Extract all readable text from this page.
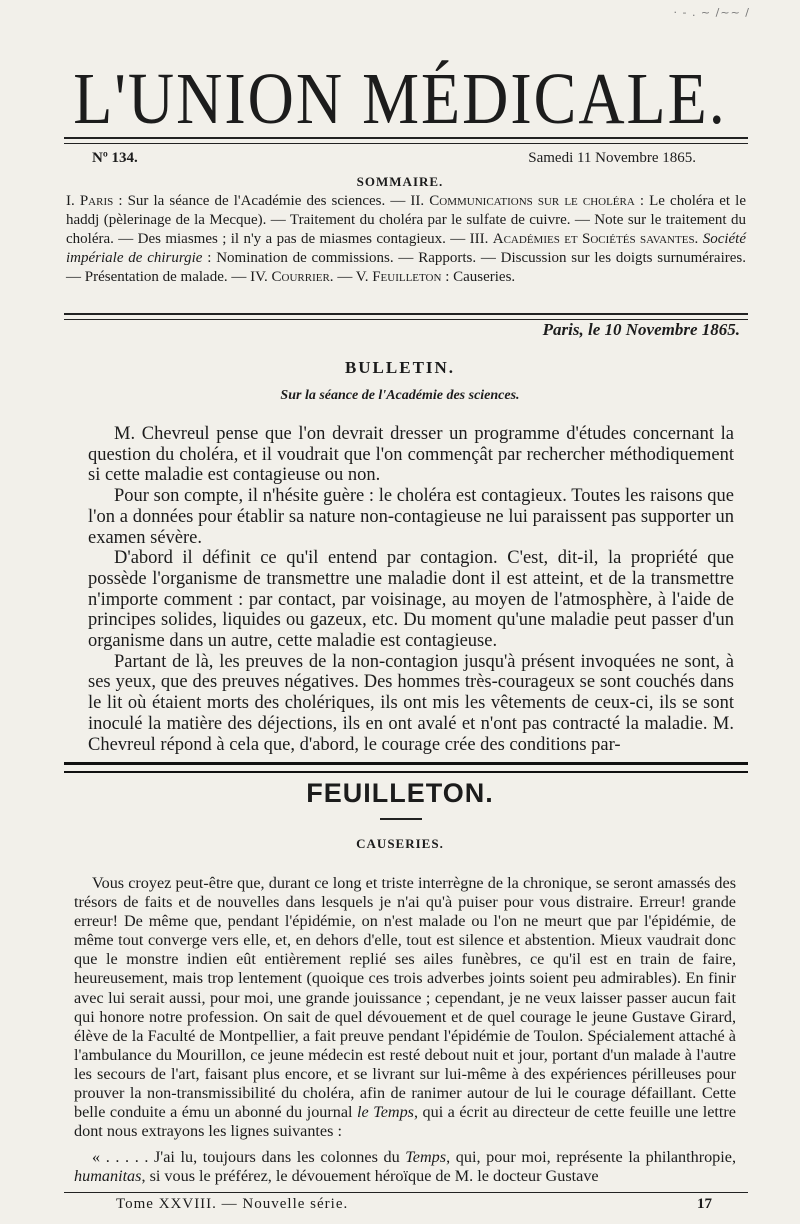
· - . ~ /~~ /
L'UNION MÉDICALE.
Nº 134.	Samedi 11 Novembre 1865.
SOMMAIRE.
I. Paris : Sur la séance de l'Académie des sciences. — II. Communications sur le choléra : Le choléra et le haddj (pèlerinage de la Mecque). — Traitement du choléra par le sulfate de cuivre. — Note sur le traitement du choléra. — Des miasmes ; il n'y a pas de miasmes contagieux. — III. Académies et Sociétés savantes. Société impériale de chirurgie : Nomination de commissions. — Rapports. — Discussion sur les doigts surnuméraires. — Présentation de malade. — IV. Courrier. — V. Feuilleton : Causeries.
Paris, le 10 Novembre 1865.
BULLETIN.
Sur la séance de l'Académie des sciences.

M. Chevreul pense que l'on devrait dresser un programme d'études concernant la question du choléra, et il voudrait que l'on commençât par rechercher méthodiquement si cette maladie est contagieuse ou non.

Pour son compte, il n'hésite guère : le choléra est contagieux. Toutes les raisons que l'on a données pour établir sa nature non-contagieuse ne lui paraissent pas supporter un examen sévère.

D'abord il définit ce qu'il entend par contagion. C'est, dit-il, la propriété que possède l'organisme de transmettre une maladie dont il est atteint, et de la transmettre n'importe comment : par contact, par voisinage, au moyen de l'atmosphère, à l'aide de principes solides, liquides ou gazeux, etc. Du moment qu'une maladie peut passer d'un organisme dans un autre, cette maladie est contagieuse.

Partant de là, les preuves de la non-contagion jusqu'à présent invoquées ne sont, à ses yeux, que des preuves négatives. Des hommes très-courageux se sont couchés dans le lit où étaient morts des cholériques, ils ont mis les vêtements de ceux-ci, ils se sont inoculé la matière des déjections, ils en ont avalé et n'ont pas contracté la maladie. M. Chevreul répond à cela que, d'abord, le courage crée des conditions par-

FEUILLETON.
CAUSERIES.

Vous croyez peut-être que, durant ce long et triste interrègne de la chronique, se seront amassés des trésors de faits et de nouvelles dans lesquels je n'ai qu'à puiser pour vous distraire. Erreur! grande erreur! De même que, pendant l'épidémie, on n'est malade ou l'on ne meurt que par l'épidémie, de même tout converge vers elle, et, en dehors d'elle, tout est silence et abstention. Mieux vaudrait donc que le monstre indien eût entièrement replié ses ailes funèbres, ce qu'il est en train de faire, heureusement, mais trop lentement (quoique ces trois adverbes joints soient peu admirables). En finir avec lui serait aussi, pour moi, une grande jouissance ; cependant, je ne veux laisser passer aucun fait qui honore notre profession. On sait de quel dévouement et de quel courage le jeune Gustave Girard, élève de la Faculté de Montpellier, a fait preuve pendant l'épidémie de Toulon. Spécialement attaché à l'ambulance du Mourillon, ce jeune médecin est resté debout nuit et jour, portant d'un malade à l'autre les secours de l'art, faisant plus encore, et se livrant sur lui-même à des expériences périlleuses pour prouver la non-transmissibilité du choléra, afin de ranimer autour de lui le courage défaillant. Cette belle conduite a ému un abonné du journal le Temps, qui a écrit au directeur de cette feuille une lettre dont nous extrayons les lignes suivantes :

« . . . . . J'ai lu, toujours dans les colonnes du Temps, qui, pour moi, représente la philanthropie, humanitas, si vous le préférez, le dévouement héroïque de M. le docteur Gustave

Tome XXVIII. — Nouvelle série.	17
